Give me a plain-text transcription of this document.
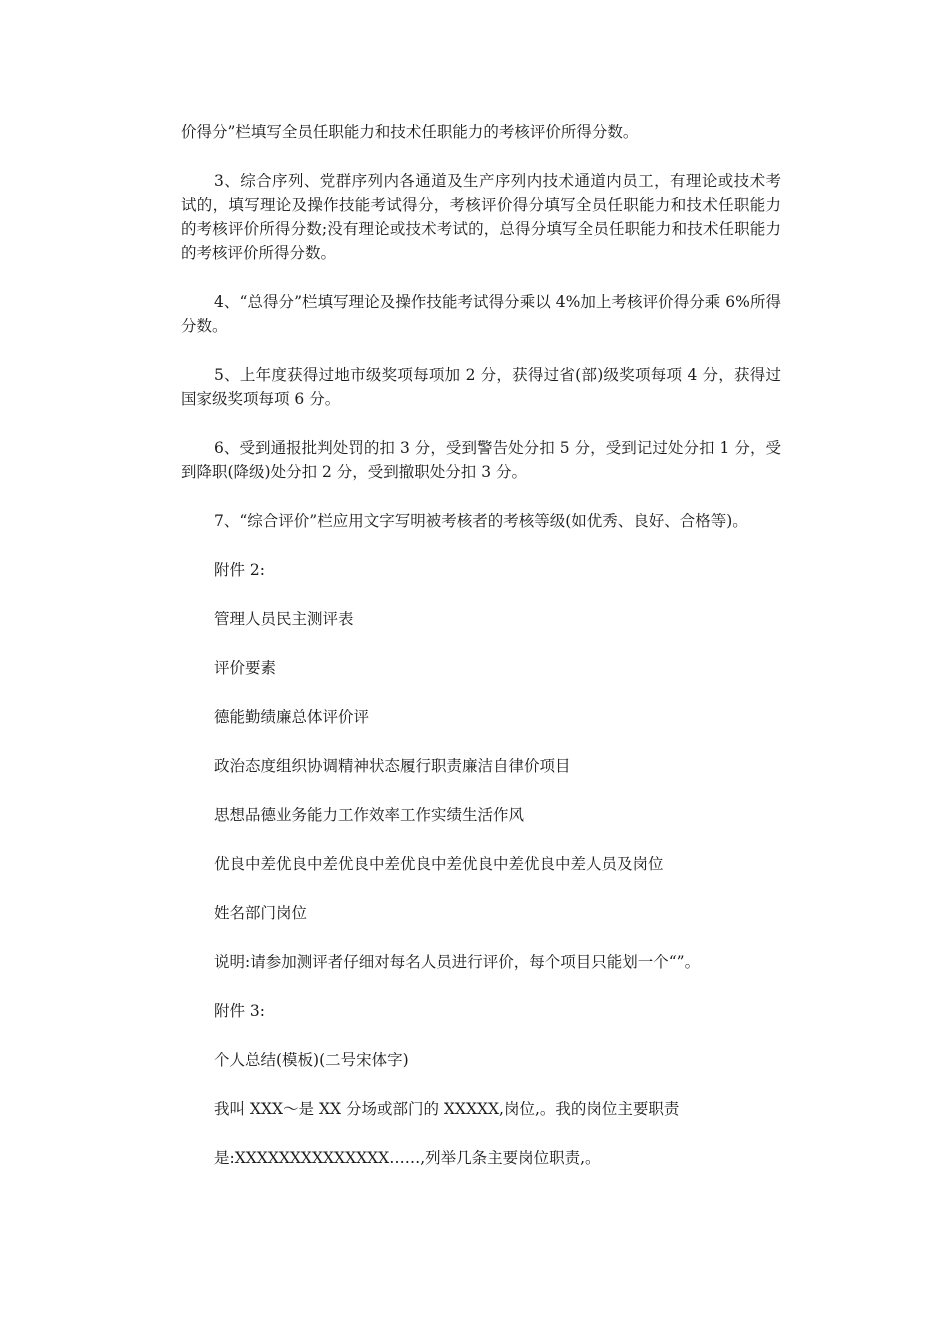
价得分”栏填写全员任职能力和技术任职能力的考核评价所得分数。

3、综合序列、党群序列内各通道及生产序列内技术通道内员工，有理论或技术考试的，填写理论及操作技能考试得分，考核评价得分填写全员任职能力和技术任职能力的考核评价所得分数;没有理论或技术考试的，总得分填写全员任职能力和技术任职能力的考核评价所得分数。

4、“总得分”栏填写理论及操作技能考试得分乘以 4%加上考核评价得分乘 6%所得分数。

5、上年度获得过地市级奖项每项加 2 分，获得过省(部)级奖项每项 4 分，获得过国家级奖项每项 6 分。

6、受到通报批判处罚的扣 3 分，受到警告处分扣 5 分，受到记过处分扣 1 分，受到降职(降级)处分扣 2 分，受到撤职处分扣 3 分。

7、“综合评价”栏应用文字写明被考核者的考核等级(如优秀、良好、合格等)。

附件 2:
管理人员民主测评表
评价要素
德能勤绩廉总体评价评
政治态度组织协调精神状态履行职责廉洁自律价项目
思想品德业务能力工作效率工作实绩生活作风
优良中差优良中差优良中差优良中差优良中差优良中差人员及岗位
姓名部门岗位
说明:请参加测评者仔细对每名人员进行评价，每个项目只能划一个“”。
附件 3:
个人总结(模板)(二号宋体字)
我叫 XXX～是 XX 分场或部门的 XXXXX,岗位,。我的岗位主要职责
是:XXXXXXXXXXXXXX……,列举几条主要岗位职责,。
